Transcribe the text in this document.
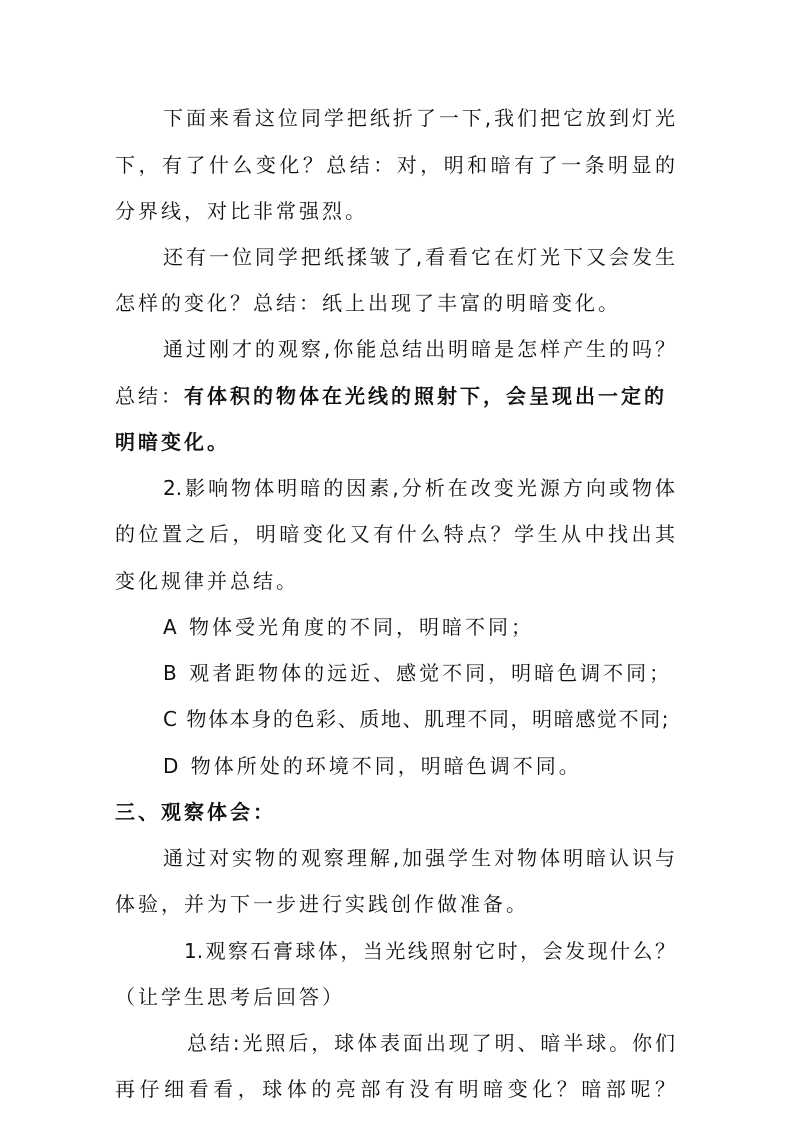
下面来看这位同学把纸折了一下,我们把它放到灯光
下，有了什么变化？总结：对，明和暗有了一条明显的
分界线，对比非常强烈。
还有一位同学把纸揉皱了,看看它在灯光下又会发生
怎样的变化？总结：纸上出现了丰富的明暗变化。
通过刚才的观察,你能总结出明暗是怎样产生的吗？
总结：有体积的物体在光线的照射下，会呈现出一定的
明暗变化。
2.影响物体明暗的因素,分析在改变光源方向或物体
的位置之后，明暗变化又有什么特点？学生从中找出其
变化规律并总结。
A 物体受光角度的不同，明暗不同；
B 观者距物体的远近、感觉不同，明暗色调不同；
C 物体本身的色彩、质地、肌理不同，明暗感觉不同;
D 物体所处的环境不同，明暗色调不同。
三、观察体会：
通过对实物的观察理解,加强学生对物体明暗认识与
体验，并为下一步进行实践创作做准备。
1.观察石膏球体，当光线照射它时，会发现什么？
（让学生思考后回答）
总结:光照后，球体表面出现了明、暗半球。你们
再仔细看看，球体的亮部有没有明暗变化？暗部呢？
